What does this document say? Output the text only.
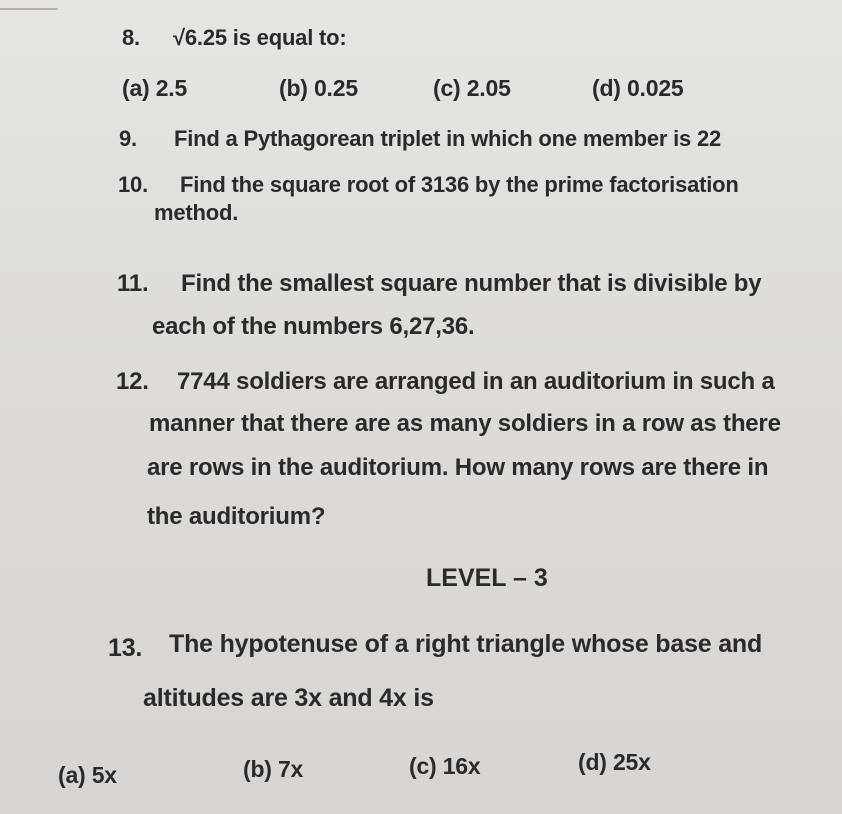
8. √6.25 is equal to:
(a) 2.5	(b) 0.25	(c) 2.05	(d) 0.025
9. Find a Pythagorean triplet in which one member is 22
10. Find the square root of 3136 by the prime factorisation
method.
11. Find the smallest square number that is divisible by
each of the numbers 6,27,36.
12. 7744 soldiers are arranged in an auditorium in such a
manner that there are as many soldiers in a row as there
are rows in the auditorium. How many rows are there in
the auditorium?
LEVEL – 3
13. The hypotenuse of a right triangle whose base and
altitudes are 3x and 4x is
(a) 5x	(b) 7x	(c) 16x	(d) 25x
